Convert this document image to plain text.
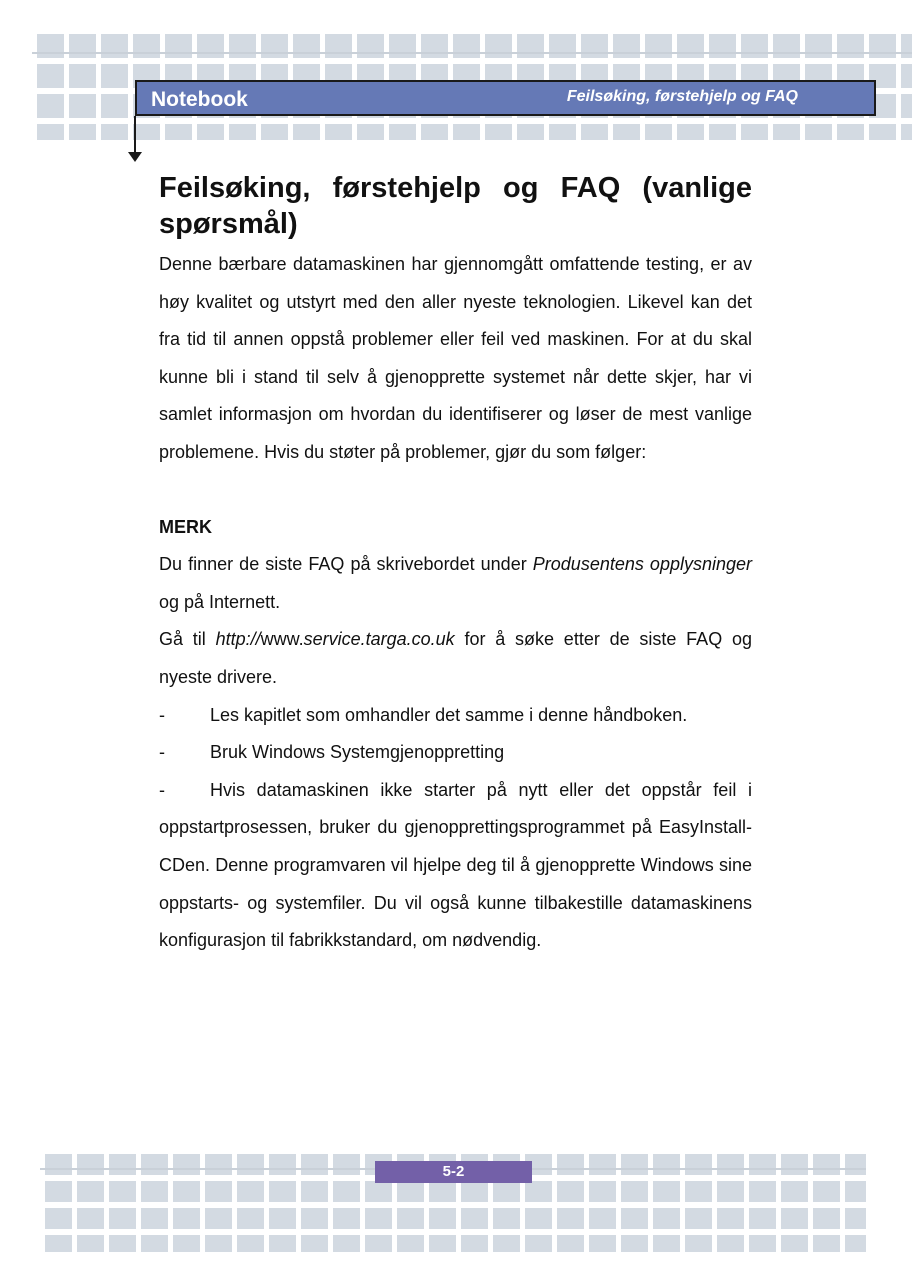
Notebook	Feilsøking, førstehjelp og FAQ
Feilsøking, førstehjelp og FAQ (vanlige spørsmål)

Denne bærbare datamaskinen har gjennomgått omfattende testing, er av høy kvalitet og utstyrt med den aller nyeste teknologien. Likevel kan det fra tid til annen oppstå problemer eller feil ved maskinen. For at du skal kunne bli i stand til selv å gjenopprette systemet når dette skjer, har vi samlet informasjon om hvordan du identifiserer og løser de mest vanlige problemene. Hvis du støter på problemer, gjør du som følger:

MERK

Du finner de siste FAQ på skrivebordet under Produsentens opplysninger og på Internett.

Gå til http://www.service.targa.co.uk for å søke etter de siste FAQ og nyeste drivere.

-	Les kapitlet som omhandler det samme i denne håndboken.
-	Bruk Windows Systemgjenoppretting

-	Hvis datamaskinen ikke starter på nytt eller det oppstår feil i oppstartprosessen, bruker du gjenopprettingsprogrammet på EasyInstall-CDen. Denne programvaren vil hjelpe deg til å gjenopprette Windows sine oppstarts- og systemfiler. Du vil også kunne tilbakestille datamaskinens konfigurasjon til fabrikkstandard, om nødvendig.

5-2
